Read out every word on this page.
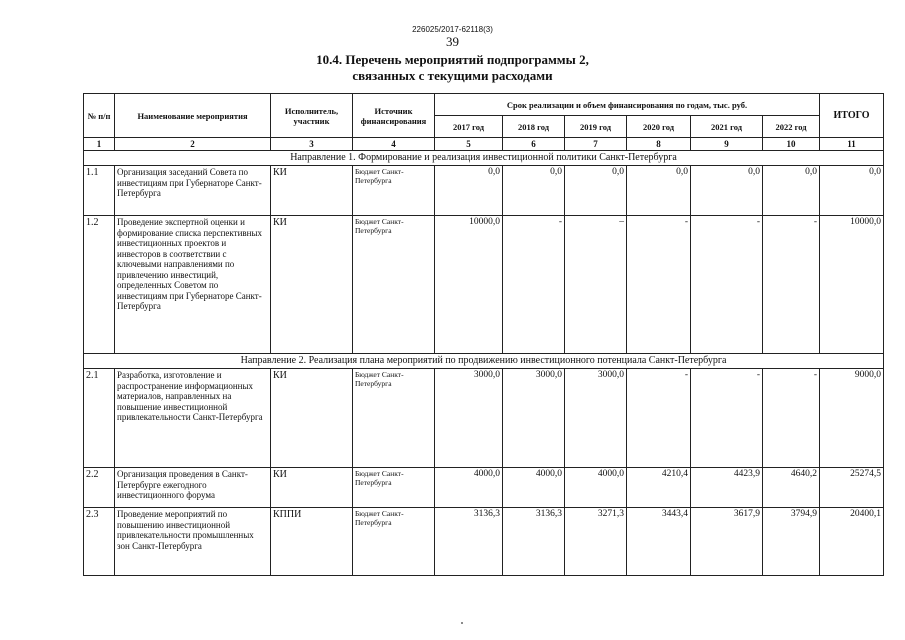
226025/2017-62118(3)
39
10.4. Перечень мероприятий подпрограммы 2,
связанных с текущими расходами
№ п/п	Наименование мероприятия	Исполнитель, участник	Источник финансирования	Срок реализации и объем финансирования по годам, тыс. руб.						ИТОГО
				2017 год	2018 год	2019 год	2020 год	2021 год	2022 год	
1	2	3	4	5	6	7	8	9	10	11
Направление 1. Формирование и реализация инвестиционной политики Санкт-Петербурга										
1.1	Организация заседаний Совета по инвестициям при Губернаторе Санкт-Петербурга	КИ	Бюджет Санкт-Петербурга	0,0	0,0	0,0	0,0	0,0	0,0	0,0
1.2	Проведение экспертной оценки и формирование списка перспективных инвестиционных проектов и инвесторов в соответствии с ключевыми направлениями по привлечению инвестиций, определенных Советом по инвестициям при Губернаторе Санкт-Петербурга	КИ	Бюджет Санкт-Петербурга	10000,0	-	–	-	-	-	10000,0
Направление 2. Реализация плана мероприятий по продвижению инвестиционного потенциала Санкт-Петербурга										
2.1	Разработка, изготовление и распространение информационных материалов, направленных на повышение инвестиционной привлекательности Санкт-Петербурга	КИ	Бюджет Санкт-Петербурга	3000,0	3000,0	3000,0	-	-	-	9000,0
2.2	Организация проведения в Санкт-Петербурге ежегодного инвестиционного форума	КИ	Бюджет Санкт-Петербурга	4000,0	4000,0	4000,0	4210,4	4423,9	4640,2	25274,5
2.3	Проведение мероприятий по повышению инвестиционной привлекательности промышленных зон Санкт-Петербурга	КППИ	Бюджет Санкт-Петербурга	3136,3	3136,3	3271,3	3443,4	3617,9	3794,9	20400,1
